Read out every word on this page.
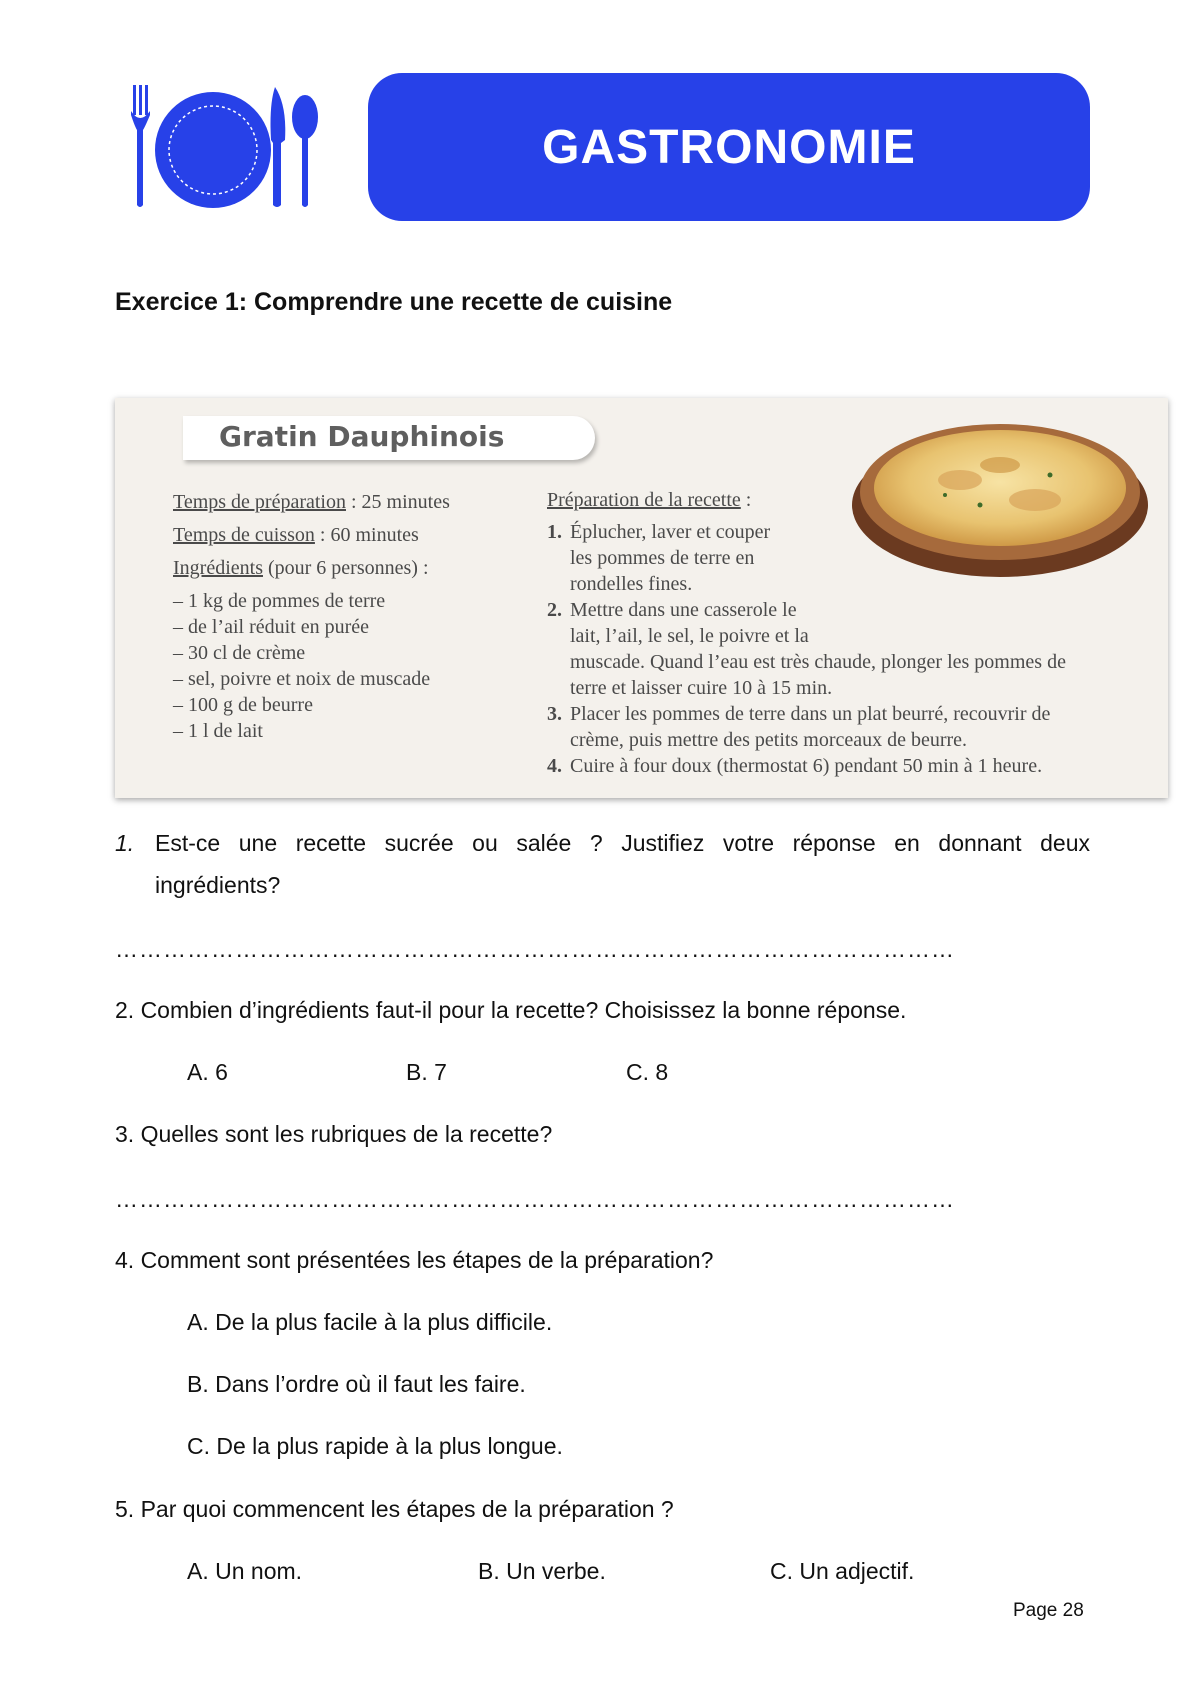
GASTRONOMIE
Exercice 1: Comprendre une recette de cuisine
Gratin Dauphinois
Temps de préparation : 25 minutes
Temps de cuisson : 60 minutes
Ingrédients (pour 6 personnes) :
– 1 kg de pommes de terre
– de l’ail réduit en purée
– 30 cl de crème
– sel, poivre et noix de muscade
– 100 g de beurre
– 1 l de lait
Préparation de la recette :
1. Éplucher, laver et couper
les pommes de terre en
rondelles fines.
2. Mettre dans une casserole le
lait, l’ail, le sel, le poivre et la
muscade. Quand l’eau est très chaude, plonger les pommes de
terre et laisser cuire 10 à 15 min.
3. Placer les pommes de terre dans un plat beurré, recouvrir de
crème, puis mettre des petits morceaux de beurre.
4. Cuire à four doux (thermostat 6) pendant 50 min à 1 heure.
1. Est-ce une recette sucrée ou salée ? Justifiez votre réponse en donnant deux
ingrédients?
……………………………………………………………………………………………
2. Combien d’ingrédients faut-il pour la recette? Choisissez la bonne réponse.
A. 6	B. 7	C. 8
3. Quelles sont les rubriques de la recette?
……………………………………………………………………………………………
4. Comment sont présentées les étapes de la préparation?
A. De la plus facile à la plus difficile.
B. Dans l’ordre où il faut les faire.
C. De la plus rapide à la plus longue.
5. Par quoi commencent les étapes de la préparation ?
A. Un nom.	B. Un verbe.	C. Un adjectif.
Page 28
